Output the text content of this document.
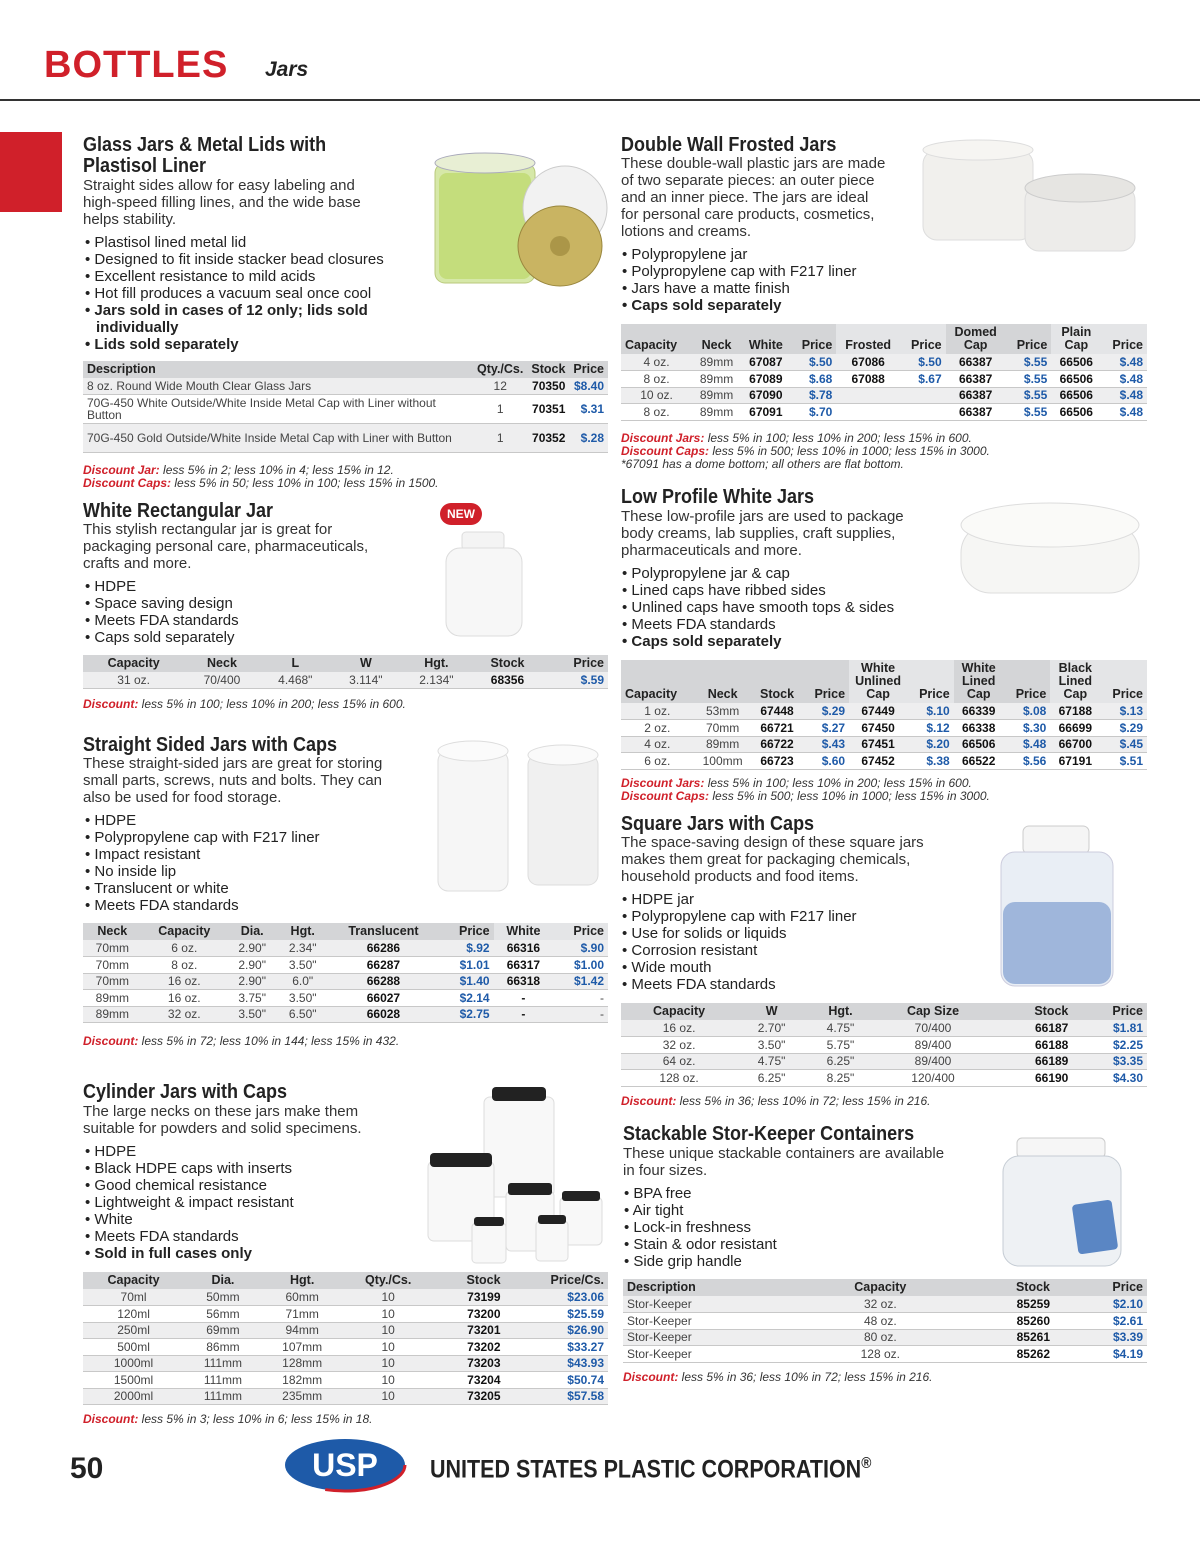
BOTTLES Jars
Glass Jars & Metal Lids with
Plastisol Liner
Straight sides allow for easy labeling and
high-speed filling lines, and the wide base
helps stability.
• Plastisol lined metal lid
• Designed to fit inside stacker bead closures
• Excellent resistance to mild acids
• Hot fill produces a vacuum seal once cool
• Jars sold in cases of 12 only; lids sold
individually
• Lids sold separately
Description	Qty./Cs.	Stock	Price
8 oz. Round Wide Mouth Clear Glass Jars	12	70350	$8.40
70G-450 White Outside/White Inside Metal Cap with Liner without Button	1	70351	$.31
70G-450 Gold Outside/White Inside Metal Cap with Liner with Button	1	70352	$.28
Discount Jar: less 5% in 2; less 10% in 4; less 15% in 12.
Discount Caps: less 5% in 50; less 10% in 100; less 15% in 1500.
White Rectangular Jar	NEW
This stylish rectangular jar is great for
packaging personal care, pharmaceuticals,
crafts and more.
• HDPE
• Space saving design
• Meets FDA standards
• Caps sold separately
Capacity	Neck	L	W	Hgt.	Stock	Price
31 oz.	70/400	4.468"	3.114"	2.134"	68356	$.59
Discount: less 5% in 100; less 10% in 200; less 15% in 600.
Straight Sided Jars with Caps
These straight-sided jars are great for storing
small parts, screws, nuts and bolts. They can
also be used for food storage.
• HDPE
• Polypropylene cap with F217 liner
• Impact resistant
• No inside lip
• Translucent or white
• Meets FDA standards
Neck	Capacity	Dia.	Hgt.	Translucent	Price	White	Price
70mm	6 oz.	2.90"	2.34"	66286	$.92	66316	$.90
70mm	8 oz.	2.90"	3.50"	66287	$1.01	66317	$1.00
70mm	16 oz.	2.90"	6.0"	66288	$1.40	66318	$1.42
89mm	16 oz.	3.75"	3.50"	66027	$2.14	-	-
89mm	32 oz.	3.50"	6.50"	66028	$2.75	-	-
Discount: less 5% in 72; less 10% in 144; less 15% in 432.
Cylinder Jars with Caps
The large necks on these jars make them
suitable for powders and solid specimens.
• HDPE
• Black HDPE caps with inserts
• Good chemical resistance
• Lightweight & impact resistant
• White
• Meets FDA standards
• Sold in full cases only
Capacity	Dia.	Hgt.	Qty./Cs.	Stock	Price/Cs.
70ml	50mm	60mm	10	73199	$23.06
120ml	56mm	71mm	10	73200	$25.59
250ml	69mm	94mm	10	73201	$26.90
500ml	86mm	107mm	10	73202	$33.27
1000ml	111mm	128mm	10	73203	$43.93
1500ml	111mm	182mm	10	73204	$50.74
2000ml	111mm	235mm	10	73205	$57.58
Discount: less 5% in 3; less 10% in 6; less 15% in 18.
Double Wall Frosted Jars
These double-wall plastic jars are made
of two separate pieces: an outer piece
and an inner piece. The jars are ideal
for personal care products, cosmetics,
lotions and creams.
• Polypropylene jar
• Polypropylene cap with F217 liner
• Jars have a matte finish
• Caps sold separately
Capacity	Neck	White	Price	Frosted	Price	Domed Cap	Price	Plain Cap	Price
4 oz.	89mm	67087	$.50	67086	$.50	66387	$.55	66506	$.48
8 oz.	89mm	67089	$.68	67088	$.67	66387	$.55	66506	$.48
10 oz.	89mm	67090	$.78			66387	$.55	66506	$.48
8 oz.	89mm	67091	$.70			66387	$.55	66506	$.48
Discount Jars: less 5% in 100; less 10% in 200; less 15% in 600.
Discount Caps: less 5% in 500; less 10% in 1000; less 15% in 3000.
*67091 has a dome bottom; all others are flat bottom.
Low Profile White Jars
These low-profile jars are used to package
body creams, lab supplies, craft supplies,
pharmaceuticals and more.
• Polypropylene jar & cap
• Lined caps have ribbed sides
• Unlined caps have smooth tops & sides
• Meets FDA standards
• Caps sold separately
Capacity	Neck	Stock	Price	White Unlined Cap	Price	White Lined Cap	Price	Black Lined Cap	Price
1 oz.	53mm	67448	$.29	67449	$.10	66339	$.08	67188	$.13
2 oz.	70mm	66721	$.27	67450	$.12	66338	$.30	66699	$.29
4 oz.	89mm	66722	$.43	67451	$.20	66506	$.48	66700	$.45
6 oz.	100mm	66723	$.60	67452	$.38	66522	$.56	67191	$.51
Discount Jars: less 5% in 100; less 10% in 200; less 15% in 600.
Discount Caps: less 5% in 500; less 10% in 1000; less 15% in 3000.
Square Jars with Caps
The space-saving design of these square jars
makes them great for packaging chemicals,
household products and food items.
• HDPE jar
• Polypropylene cap with F217 liner
• Use for solids or liquids
• Corrosion resistant
• Wide mouth
• Meets FDA standards
Capacity	W	Hgt.	Cap Size	Stock	Price
16 oz.	2.70"	4.75"	70/400	66187	$1.81
32 oz.	3.50"	5.75"	89/400	66188	$2.25
64 oz.	4.75"	6.25"	89/400	66189	$3.35
128 oz.	6.25"	8.25"	120/400	66190	$4.30
Discount: less 5% in 36; less 10% in 72; less 15% in 216.
Stackable Stor-Keeper Containers
These unique stackable containers are available
in four sizes.
• BPA free
• Air tight
• Lock-in freshness
• Stain & odor resistant
• Side grip handle
Description	Capacity	Stock	Price
Stor-Keeper	32 oz.	85259	$2.10
Stor-Keeper	48 oz.	85260	$2.61
Stor-Keeper	80 oz.	85261	$3.39
Stor-Keeper	128 oz.	85262	$4.19
Discount: less 5% in 36; less 10% in 72; less 15% in 216.
50	USP UNITED STATES PLASTIC CORPORATION®
